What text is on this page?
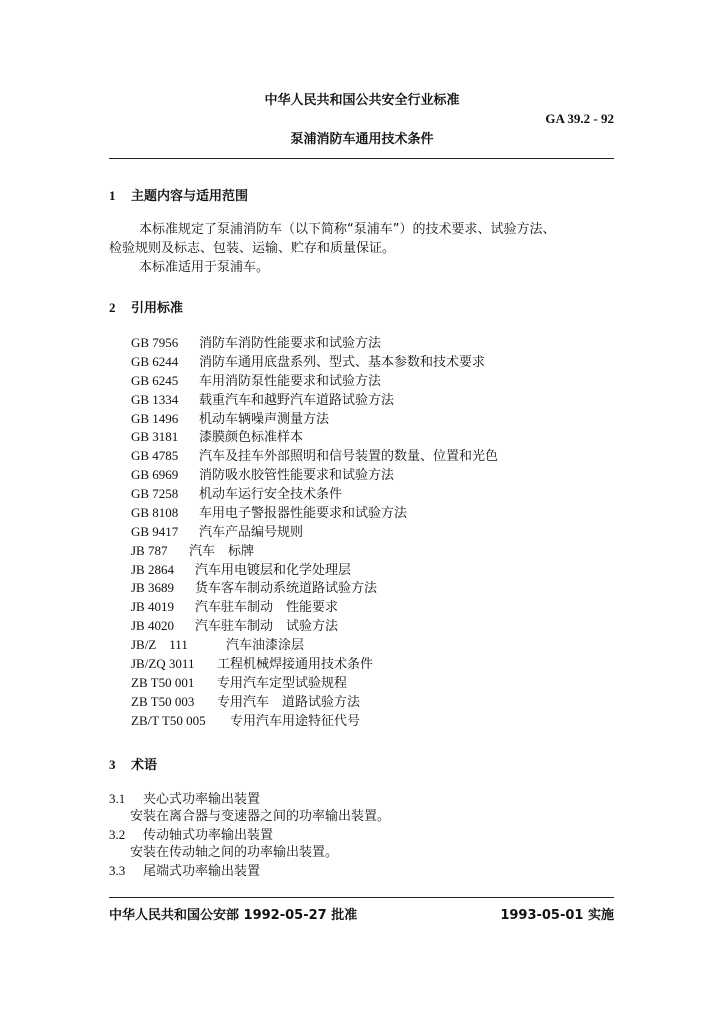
中华人民共和国公共安全行业标准
GA 39.2 - 92
泵浦消防车通用技术条件
1 主题内容与适用范围
本标准规定了泵浦消防车（以下简称“泵浦车”）的技术要求、试验方法、
检验规则及标志、包装、运输、贮存和质量保证。
本标准适用于泵浦车。
2 引用标准
GB 7956 消防车消防性能要求和试验方法
GB 6244 消防车通用底盘系列、型式、基本参数和技术要求
GB 6245 车用消防泵性能要求和试验方法
GB 1334 载重汽车和越野汽车道路试验方法
GB 1496 机动车辆噪声测量方法
GB 3181 漆膜颜色标准样本
GB 4785 汽车及挂车外部照明和信号装置的数量、位置和光色
GB 6969 消防吸水胶管性能要求和试验方法
GB 7258 机动车运行安全技术条件
GB 8108 车用电子警报器性能要求和试验方法
GB 9417 汽车产品编号规则
JB 787 汽车　标牌
JB 2864 汽车用电镀层和化学处理层
JB 3689 货车客车制动系统道路试验方法
JB 4019 汽车驻车制动　性能要求
JB 4020 汽车驻车制动　试验方法
JB/Z　111	汽车油漆涂层
JB/ZQ 3011 工程机械焊接通用技术条件
ZB T50 001 专用汽车定型试验规程
ZB T50 003 专用汽车　道路试验方法
ZB/T T50 005 专用汽车用途特征代号
3 术语
3.1 夹心式功率输出装置
安装在离合器与变速器之间的功率输出装置。
3.2 传动轴式功率输出装置
安装在传动轴之间的功率输出装置。
3.3 尾端式功率输出装置
中华人民共和国公安部 1992-05-27 批准	1993-05-01 实施
